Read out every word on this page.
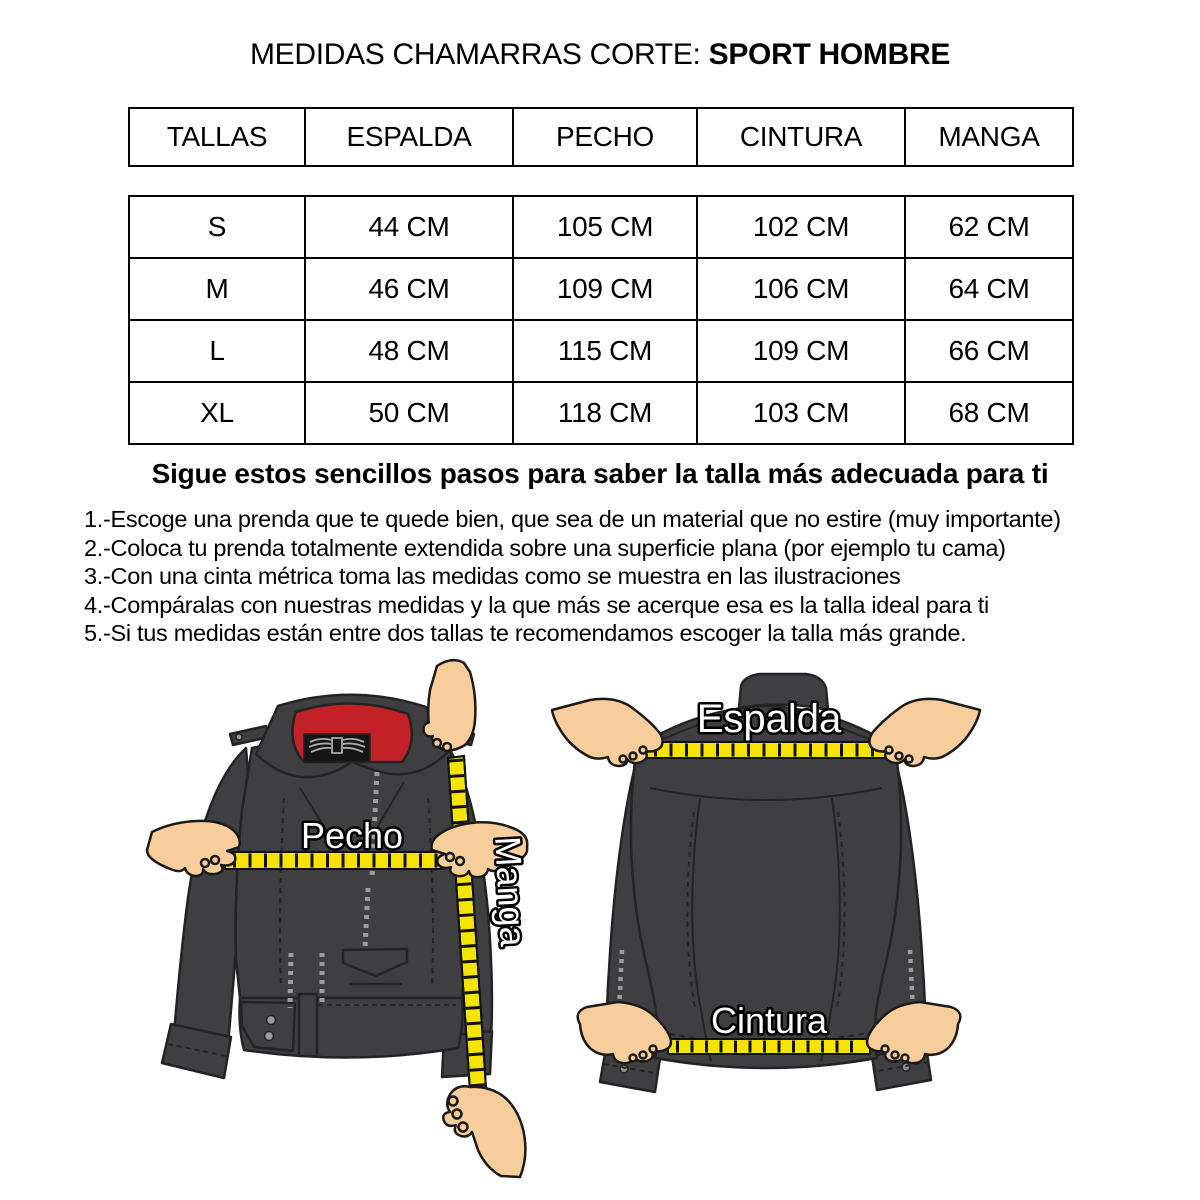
MEDIDAS CHAMARRAS CORTE: SPORT HOMBRE
TALLAS	ESPALDA	PECHO	CINTURA	MANGA
S	44 CM	105 CM	102 CM	62 CM
M	46 CM	109 CM	106 CM	64 CM
L	48 CM	115 CM	109 CM	66 CM
XL	50 CM	118 CM	103 CM	68 CM
Sigue estos sencillos pasos para saber la talla más adecuada para ti
1.-Escoge una prenda que te quede bien, que sea de un material que no estire (muy importante)
2.-Coloca tu prenda totalmente extendida sobre una superficie plana (por ejemplo tu cama)
3.-Con una cinta métrica toma las medidas como se muestra en las ilustraciones
4.-Compáralas con nuestras medidas y la que más se acerque esa es la talla ideal para ti
5.-Si tus medidas están entre dos tallas te recomendamos escoger la talla más grande.
Pecho Manga
Espalda
Cintura
